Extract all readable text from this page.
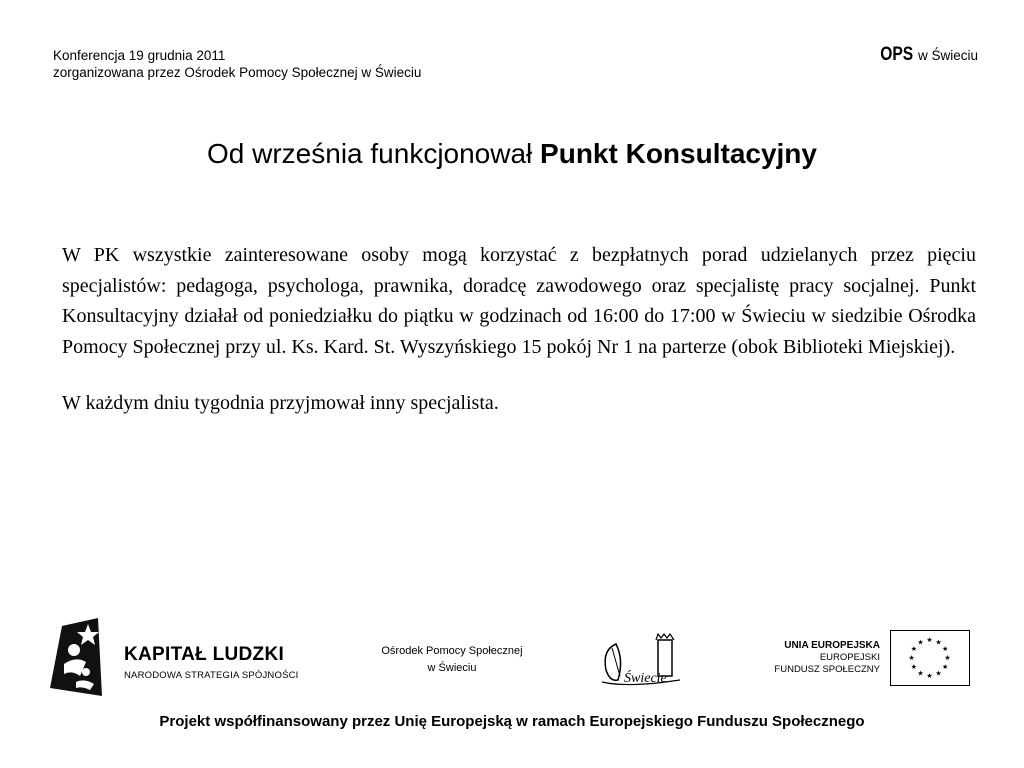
Konferencja 19 grudnia 2011
zorganizowana przez Ośrodek Pomocy Społecznej w Świeciu
OPS w Świeciu
Od września funkcjonował Punkt Konsultacyjny

W PK wszystkie zainteresowane osoby mogą korzystać z bezpłatnych porad udzielanych przez pięciu specjalistów: pedagoga, psychologa, prawnika, doradcę zawodowego oraz specjalistę pracy socjalnej. Punkt Konsultacyjny działał od poniedziałku do piątku w godzinach od 16:00 do 17:00 w Świeciu w siedzibie Ośrodka Pomocy Społecznej przy ul. Ks. Kard. St. Wyszyńskiego 15 pokój Nr 1 na parterze (obok Biblioteki Miejskiej).

W każdym dniu tygodnia przyjmował inny specjalista.

KAPITAŁ LUDZKI
NARODOWA STRATEGIA SPÓJNOŚCI
Ośrodek Pomocy Społecznej
w Świeciu
Świecie
UNIA EUROPEJSKA
EUROPEJSKI
FUNDUSZ SPOŁECZNY
★ ★
★
★
★
★
★
★
★
★
★
★
Projekt współfinansowany przez Unię Europejską w ramach Europejskiego Funduszu Społecznego
